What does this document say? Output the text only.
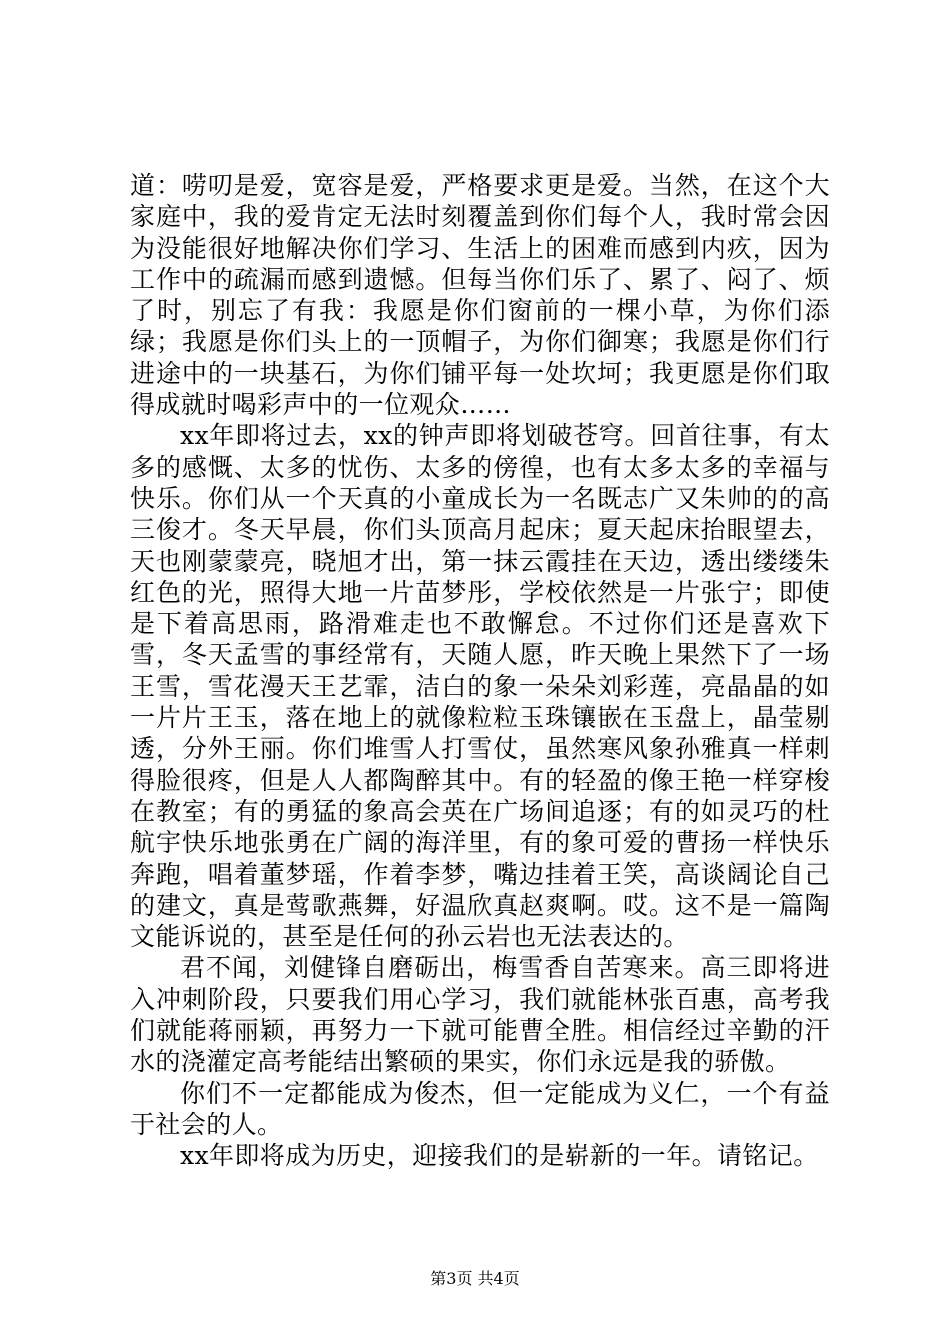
道：唠叨是爱，宽容是爱，严格要求更是爱。当然，在这个大家庭中，我的爱肯定无法时刻覆盖到你们每个人，我时常会因为没能很好地解决你们学习、生活上的困难而感到内疚，因为工作中的疏漏而感到遗憾。但每当你们乐了、累了、闷了、烦了时，别忘了有我：我愿是你们窗前的一棵小草，为你们添绿；我愿是你们头上的一顶帽子，为你们御寒；我愿是你们行进途中的一块基石，为你们铺平每一处坎坷；我更愿是你们取得成就时喝彩声中的一位观众……

xx年即将过去，xx的钟声即将划破苍穹。回首往事，有太多的感慨、太多的忧伤、太多的傍徨，也有太多太多的幸福与快乐。你们从一个天真的小童成长为一名既志广又朱帅的的高三俊才。冬天早晨，你们头顶高月起床；夏天起床抬眼望去，天也刚蒙蒙亮，晓旭才出，第一抹云霞挂在天边，透出缕缕朱红色的光，照得大地一片苗梦彤，学校依然是一片张宁；即使是下着高思雨，路滑难走也不敢懈怠。不过你们还是喜欢下雪，冬天孟雪的事经常有，天随人愿，昨天晚上果然下了一场王雪，雪花漫天王艺霏，洁白的象一朵朵刘彩莲，亮晶晶的如一片片王玉，落在地上的就像粒粒玉珠镶嵌在玉盘上，晶莹剔透，分外王丽。你们堆雪人打雪仗，虽然寒风象孙雅真一样刺得脸很疼，但是人人都陶醉其中。有的轻盈的像王艳一样穿梭在教室；有的勇猛的象高会英在广场间追逐；有的如灵巧的杜航宇快乐地张勇在广阔的海洋里，有的象可爱的曹扬一样快乐奔跑，唱着董梦瑶，作着李梦，嘴边挂着王笑，高谈阔论自己的建文，真是莺歌燕舞，好温欣真赵爽啊。哎。这不是一篇陶文能诉说的，甚至是任何的孙云岩也无法表达的。

君不闻，刘健锋自磨砺出，梅雪香自苦寒来。高三即将进入冲刺阶段，只要我们用心学习，我们就能林张百惠，高考我们就能蒋丽颖，再努力一下就可能曹全胜。相信经过辛勤的汗水的浇灌定高考能结出繁硕的果实，你们永远是我的骄傲。

你们不一定都能成为俊杰，但一定能成为义仁，一个有益于社会的人。

xx年即将成为历史，迎接我们的是崭新的一年。请铭记。

第3页 共4页
